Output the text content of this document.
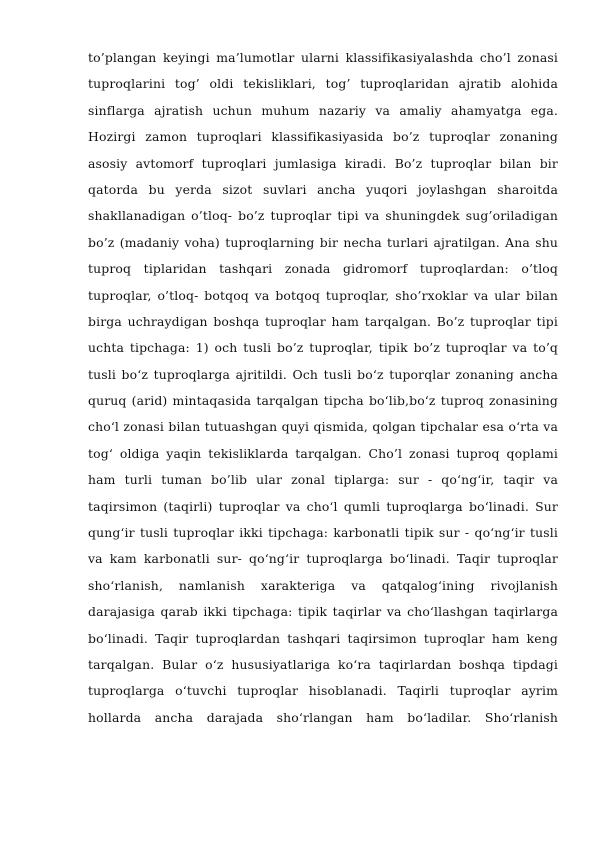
to’plangan keyingi ma’lumotlar ularni klassifikasiyalashda cho’l zonasi
tuproqlarini tog’ oldi tekisliklari, tog’ tuproqlaridan ajratib alohida
sinflarga ajratish uchun muhum nazariy va amaliy ahamyatga ega.
Hozirgi zamon tuproqlari klassifikasiyasida bo’z tuproqlar zonaning
asosiy avtomorf tuproqlari jumlasiga kiradi. Bo’z tuproqlar bilan bir
qatorda bu yerda sizot suvlari ancha yuqori joylashgan sharoitda
shakllanadigan o’tloq- bo’z tuproqlar tipi va shuningdek sug’oriladigan
bo’z (madaniy voha) tuproqlarning bir necha turlari ajratilgan. Ana shu
tuproq tiplaridan tashqari zonada gidromorf tuproqlardan: o’tloq
tuproqlar, o’tloq- botqoq va botqoq tuproqlar, sho’rxoklar va ular bilan
birga uchraydigan boshqa tuproqlar ham tarqalgan. Bo’z tuproqlar tipi
uchta tipchaga: 1) och tusli bo’z tuproqlar, tipik bo’z tuproqlar va to’q
tusli bo‘z tuproqlarga ajritildi. Och tusli bo‘z tuporqlar zonaning ancha
quruq (arid) mintaqasida tarqalgan tipcha bo‘lib,bo‘z tuproq zonasining
cho‘l zonasi bilan tutuashgan quyi qismida, qolgan tipchalar esa o‘rta va
tog‘ oldiga yaqin tekisliklarda tarqalgan. Cho’l zonasi tuproq qoplami
ham turli tuman bo’lib ular zonal tiplarga: sur - qo‘ng‘ir, taqir va
taqirsimon (taqirli) tuproqlar va cho‘l qumli tuproqlarga bo‘linadi. Sur
qung‘ir tusli tuproqlar ikki tipchaga: karbonatli tipik sur - qo‘ng‘ir tusli
va kam karbonatli sur- qo‘ng‘ir tuproqlarga bo‘linadi. Taqir tuproqlar
sho‘rlanish, namlanish xarakteriga va qatqalog‘ining rivojlanish
darajasiga qarab ikki tipchaga: tipik taqirlar va cho‘llashgan taqirlarga
bo‘linadi. Taqir tuproqlardan tashqari taqirsimon tuproqlar ham keng
tarqalgan. Bular o‘z hususiyatlariga ko‘ra taqirlardan boshqa tipdagi
tuproqlarga o‘tuvchi tuproqlar hisoblanadi. Taqirli tuproqlar ayrim
hollarda ancha darajada sho‘rlangan ham bo‘ladilar. Sho‘rlanish
